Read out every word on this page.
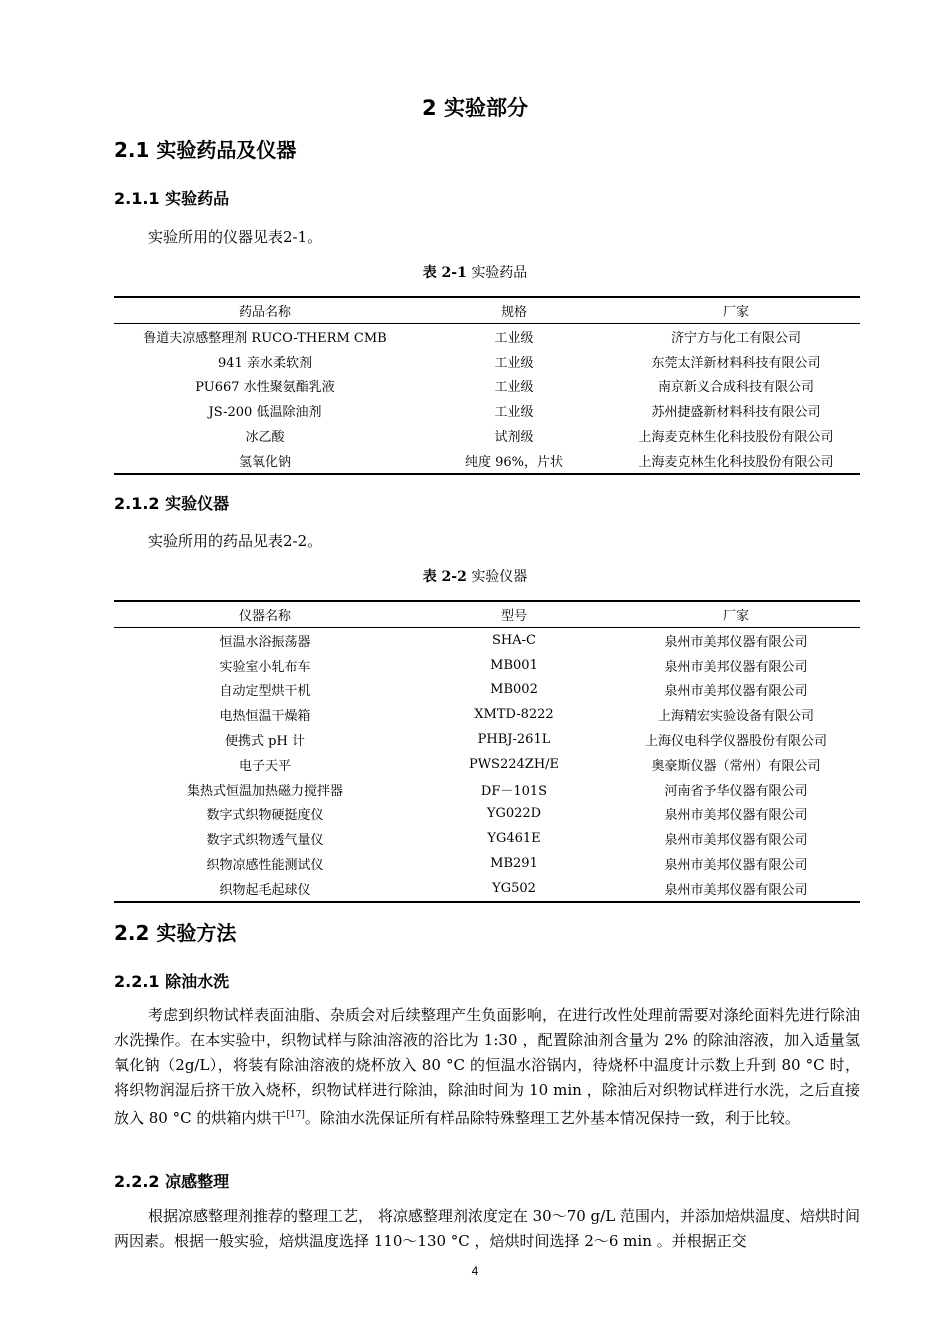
2 实验部分
2.1 实验药品及仪器
2.1.1 实验药品
实验所用的仪器见表2-1。
表 2-1 实验药品
药品名称	规格	厂家
鲁道夫凉感整理剂 RUCO-THERM CMB	工业级	济宁方与化工有限公司
941 亲水柔软剂	工业级	东莞太洋新材料科技有限公司
PU667 水性聚氨酯乳液	工业级	南京新义合成科技有限公司
JS-200 低温除油剂	工业级	苏州捷盛新材料科技有限公司
冰乙酸	试剂级	上海麦克林生化科技股份有限公司
氢氧化钠	纯度 96%，片状	上海麦克林生化科技股份有限公司
2.1.2 实验仪器
实验所用的药品见表2-2。
表 2-2 实验仪器
仪器名称	型号	厂家
恒温水浴振荡器	SHA-C	泉州市美邦仪器有限公司
实验室小轧布车	MB001	泉州市美邦仪器有限公司
自动定型烘干机	MB002	泉州市美邦仪器有限公司
电热恒温干燥箱	XMTD-8222	上海精宏实验设备有限公司
便携式 pH 计	PHBJ-261L	上海仪电科学仪器股份有限公司
电子天平	PWS224ZH/E	奥豪斯仪器（常州）有限公司
集热式恒温加热磁力搅拌器	DF－101S	河南省予华仪器有限公司
数字式织物硬挺度仪	YG022D	泉州市美邦仪器有限公司
数字式织物透气量仪	YG461E	泉州市美邦仪器有限公司
织物凉感性能测试仪	MB291	泉州市美邦仪器有限公司
织物起毛起球仪	YG502	泉州市美邦仪器有限公司
2.2 实验方法
2.2.1 除油水洗
考虑到织物试样表面油脂、杂质会对后续整理产生负面影响，在进行改性处理前需要对涤纶面料先进行除油水洗操作。在本实验中，织物试样与除油溶液的浴比为 1:30 ，配置除油剂含量为 2% 的除油溶液，加入适量氢氧化钠（2g/L），将装有除油溶液的烧杯放入 80 °C 的恒温水浴锅内，待烧杯中温度计示数上升到 80 °C 时，将织物润湿后挤干放入烧杯，织物试样进行除油，除油时间为 10 min ，除油后对织物试样进行水洗，之后直接放入 80 °C 的烘箱内烘干[17]。除油水洗保证所有样品除特殊整理工艺外基本情况保持一致，利于比较。
2.2.2 凉感整理
根据凉感整理剂推荐的整理工艺， 将凉感整理剂浓度定在 30～70 g/L 范围内，并添加焙烘温度、焙烘时间两因素。根据一般实验，焙烘温度选择 110～130 °C ，焙烘时间选择 2～6 min 。并根据正交
4
